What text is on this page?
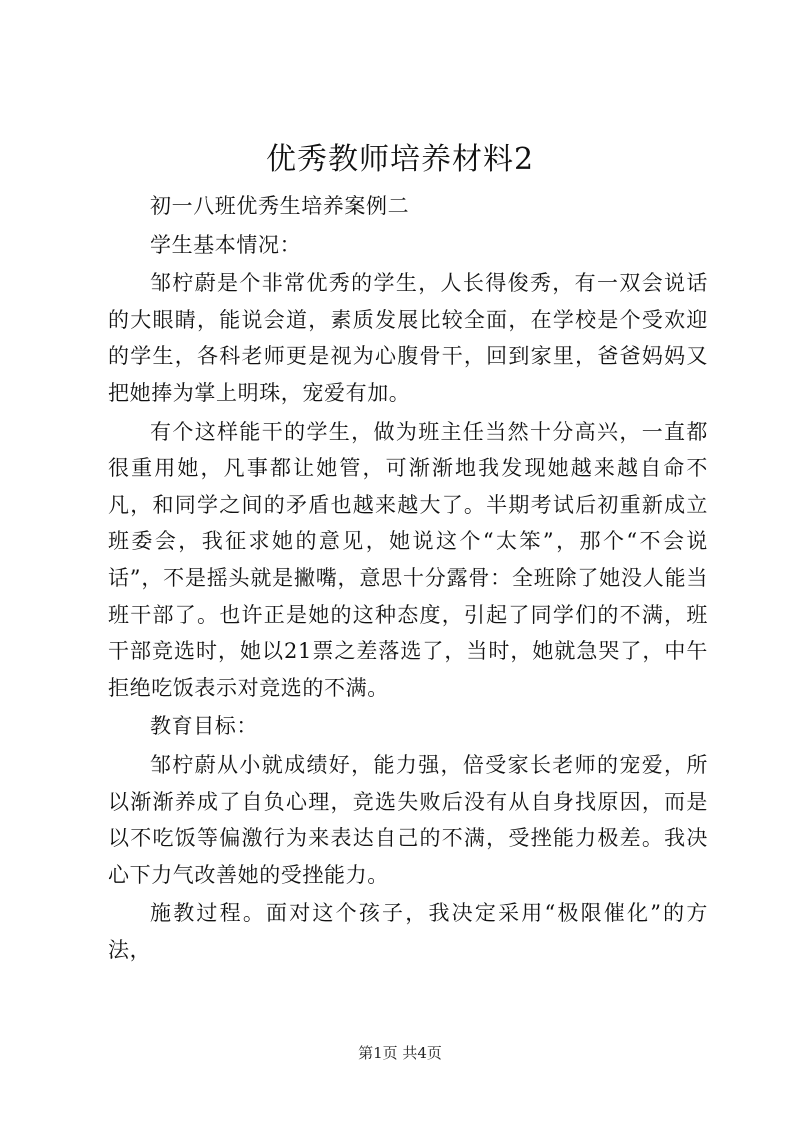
优秀教师培养材料2

初一八班优秀生培养案例二

学生基本情况：

邹柠蔚是个非常优秀的学生，人长得俊秀，有一双会说话的大眼睛，能说会道，素质发展比较全面，在学校是个受欢迎的学生，各科老师更是视为心腹骨干，回到家里，爸爸妈妈又把她捧为掌上明珠，宠爱有加。

有个这样能干的学生，做为班主任当然十分高兴，一直都很重用她，凡事都让她管，可渐渐地我发现她越来越自命不凡，和同学之间的矛盾也越来越大了。半期考试后初重新成立班委会，我征求她的意见，她说这个“太笨”，那个“不会说话”，不是摇头就是撇嘴，意思十分露骨：全班除了她没人能当班干部了。也许正是她的这种态度，引起了同学们的不满，班干部竞选时，她以21票之差落选了，当时，她就急哭了，中午拒绝吃饭表示对竞选的不满。

教育目标：

邹柠蔚从小就成绩好，能力强，倍受家长老师的宠爱，所以渐渐养成了自负心理，竞选失败后没有从自身找原因，而是以不吃饭等偏激行为来表达自己的不满，受挫能力极差。我决心下力气改善她的受挫能力。

施教过程。面对这个孩子，我决定采用“极限催化”的方法，

第1页 共4页
